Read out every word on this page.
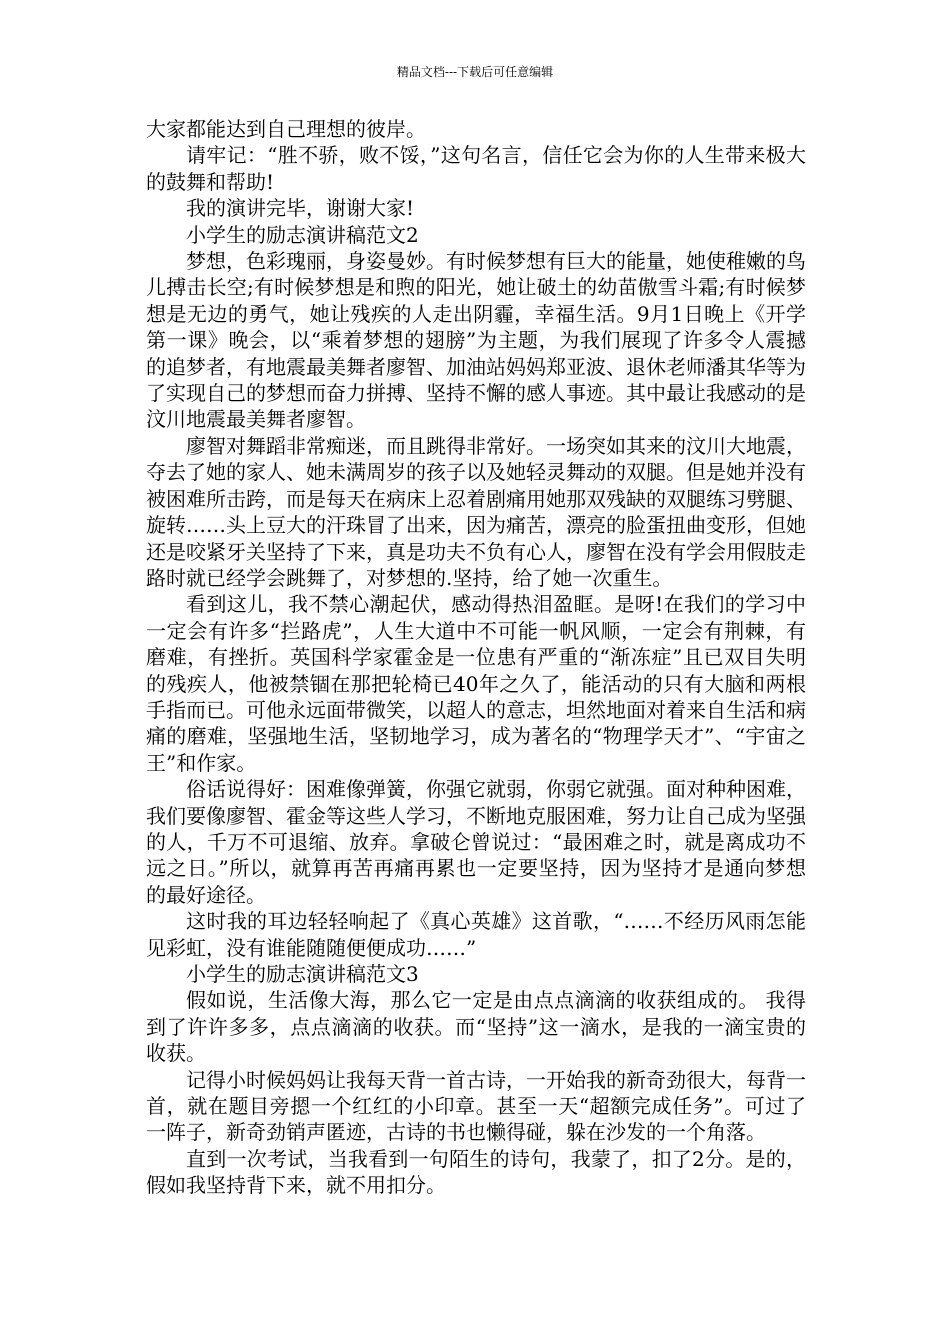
精品文档---下载后可任意编辑

大家都能达到自己理想的彼岸。

请牢记：“胜不骄，败不馁，”这句名言，信任它会为你的人生带来极大的鼓舞和帮助!

我的演讲完毕，谢谢大家!

小学生的励志演讲稿范文2

梦想，色彩瑰丽，身姿曼妙。有时候梦想有巨大的能量，她使稚嫩的鸟儿搏击长空;有时候梦想是和煦的阳光，她让破土的幼苗傲雪斗霜;有时候梦想是无边的勇气，她让残疾的人走出阴霾，幸福生活。9月1日晚上《开学第一课》晚会，以“乘着梦想的翅膀”为主题，为我们展现了许多令人震撼的追梦者，有地震最美舞者廖智、加油站妈妈郑亚波、退休老师潘其华等为了实现自己的梦想而奋力拼搏、坚持不懈的感人事迹。其中最让我感动的是汶川地震最美舞者廖智。

廖智对舞蹈非常痴迷，而且跳得非常好。一场突如其来的汶川大地震，夺去了她的家人、她未满周岁的孩子以及她轻灵舞动的双腿。但是她并没有被困难所击跨，而是每天在病床上忍着剧痛用她那双残缺的双腿练习劈腿、旋转……头上豆大的汗珠冒了出来，因为痛苦，漂亮的脸蛋扭曲变形，但她还是咬紧牙关坚持了下来，真是功夫不负有心人，廖智在没有学会用假肢走路时就已经学会跳舞了，对梦想的.坚持，给了她一次重生。

看到这儿，我不禁心潮起伏，感动得热泪盈眶。是呀!在我们的学习中一定会有许多“拦路虎”，人生大道中不可能一帆风顺，一定会有荆棘，有磨难，有挫折。英国科学家霍金是一位患有严重的“渐冻症”且已双目失明的残疾人，他被禁锢在那把轮椅已40年之久了，能活动的只有大脑和两根手指而已。可他永远面带微笑，以超人的意志，坦然地面对着来自生活和病痛的磨难，坚强地生活，坚韧地学习，成为著名的“物理学天才”、“宇宙之王”和作家。

俗话说得好：困难像弹簧，你强它就弱，你弱它就强。面对种种困难，我们要像廖智、霍金等这些人学习，不断地克服困难，努力让自己成为坚强的人，千万不可退缩、放弃。拿破仑曾说过：“最困难之时，就是离成功不远之日。”所以，就算再苦再痛再累也一定要坚持，因为坚持才是通向梦想的最好途径。

这时我的耳边轻轻响起了《真心英雄》这首歌，“……不经历风雨怎能见彩虹，没有谁能随随便便成功……”

小学生的励志演讲稿范文3

假如说，生活像大海，那么它一定是由点点滴滴的收获组成的。 我得到了许许多多，点点滴滴的收获。而“坚持”这一滴水，是我的一滴宝贵的收获。

记得小时候妈妈让我每天背一首古诗，一开始我的新奇劲很大，每背一首，就在题目旁摁一个红红的小印章。甚至一天“超额完成任务”。可过了一阵子，新奇劲销声匿迹，古诗的书也懒得碰，躲在沙发的一个角落。

直到一次考试，当我看到一句陌生的诗句，我蒙了，扣了2分。是的，假如我坚持背下来，就不用扣分。
